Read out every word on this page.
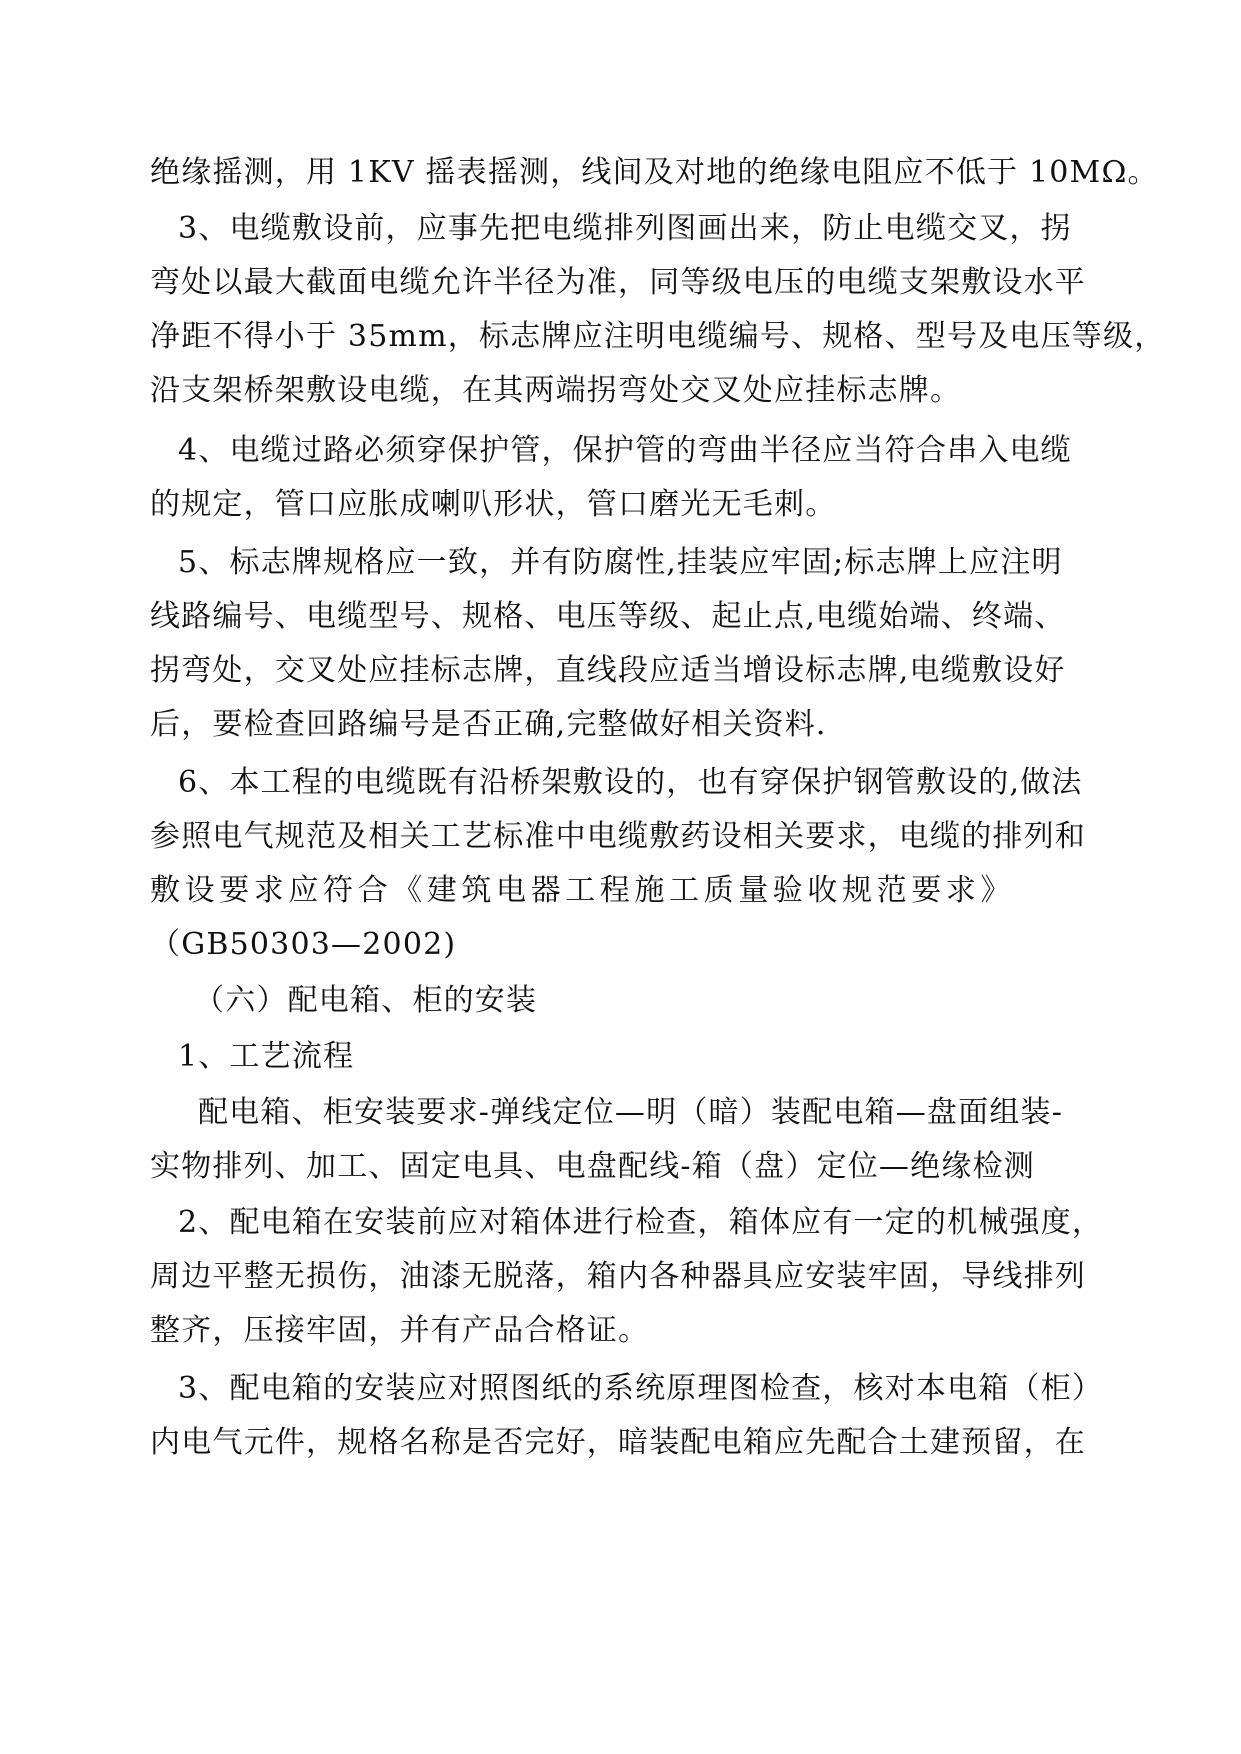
绝缘摇测，用 1KV 摇表摇测，线间及对地的绝缘电阻应不低于 10MΩ。
3、电缆敷设前，应事先把电缆排列图画出来，防止电缆交叉，拐
弯处以最大截面电缆允许半径为准，同等级电压的电缆支架敷设水平
净距不得小于 35mm，标志牌应注明电缆编号、规格、型号及电压等级，
沿支架桥架敷设电缆，在其两端拐弯处交叉处应挂标志牌。
4、电缆过路必须穿保护管，保护管的弯曲半径应当符合串入电缆
的规定，管口应胀成喇叭形状，管口磨光无毛刺。
5、标志牌规格应一致，并有防腐性,挂装应牢固;标志牌上应注明
线路编号、电缆型号、规格、电压等级、起止点,电缆始端、终端、
拐弯处，交叉处应挂标志牌，直线段应适当增设标志牌,电缆敷设好
后，要检查回路编号是否正确,完整做好相关资料.
6、本工程的电缆既有沿桥架敷设的，也有穿保护钢管敷设的,做法
参照电气规范及相关工艺标准中电缆敷药设相关要求，电缆的排列和
敷设要求应符合《建筑电器工程施工质量验收规范要求》
（GB50303—2002)
（六）配电箱、柜的安装
1、工艺流程
配电箱、柜安装要求-弹线定位—明（暗）装配电箱—盘面组装-
实物排列、加工、固定电具、电盘配线-箱（盘）定位—绝缘检测
2、配电箱在安装前应对箱体进行检查，箱体应有一定的机械强度，
周边平整无损伤，油漆无脱落，箱内各种器具应安装牢固，导线排列
整齐，压接牢固，并有产品合格证。
3、配电箱的安装应对照图纸的系统原理图检查，核对本电箱（柜）
内电气元件，规格名称是否完好，暗装配电箱应先配合土建预留，在
